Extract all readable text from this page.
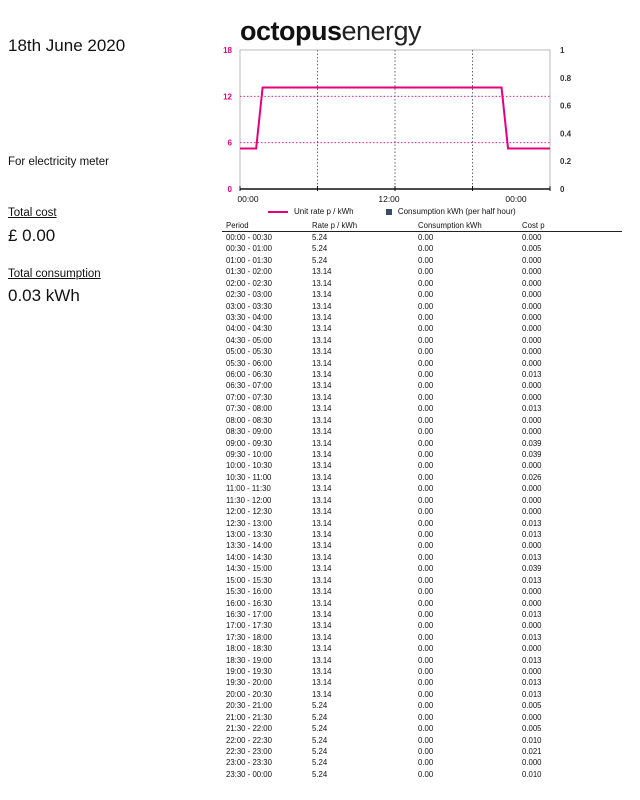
18th June 2020
For electricity meter
Total cost
£ 0.00
Total consumption
0.03 kWh
octopusenergy
18
12
6
0
1
0.8
0.6
0.4
0.2
0
00:00	12:00	00:00
Unit rate p / kWh	Consumption kWh (per half hour)
Period	Rate p / kWh	Consumption kWh	Cost p
00:00 - 00:30	5.24	0.00	0.000
00:30 - 01:00	5.24	0.00	0.005
01:00 - 01:30	5.24	0.00	0.000
01:30 - 02:00	13.14	0.00	0.000
02:00 - 02:30	13.14	0.00	0.000
02:30 - 03:00	13.14	0.00	0.000
03:00 - 03:30	13.14	0.00	0.000
03:30 - 04:00	13.14	0.00	0.000
04:00 - 04:30	13.14	0.00	0.000
04:30 - 05:00	13.14	0.00	0.000
05:00 - 05:30	13.14	0.00	0.000
05:30 - 06:00	13.14	0.00	0.000
06:00 - 06:30	13.14	0.00	0.013
06:30 - 07:00	13.14	0.00	0.000
07:00 - 07:30	13.14	0.00	0.000
07:30 - 08:00	13.14	0.00	0.013
08:00 - 08:30	13.14	0.00	0.000
08:30 - 09:00	13.14	0.00	0.000
09:00 - 09:30	13.14	0.00	0.039
09:30 - 10:00	13.14	0.00	0.039
10:00 - 10:30	13.14	0.00	0.000
10:30 - 11:00	13.14	0.00	0.026
11:00 - 11:30	13.14	0.00	0.000
11:30 - 12:00	13.14	0.00	0.000
12:00 - 12:30	13.14	0.00	0.000
12:30 - 13:00	13.14	0.00	0.013
13:00 - 13:30	13.14	0.00	0.013
13:30 - 14:00	13.14	0.00	0.000
14:00 - 14:30	13.14	0.00	0.013
14:30 - 15:00	13.14	0.00	0.039
15:00 - 15:30	13.14	0.00	0.013
15:30 - 16:00	13.14	0.00	0.000
16:00 - 16:30	13.14	0.00	0.000
16:30 - 17:00	13.14	0.00	0.013
17:00 - 17:30	13.14	0.00	0.000
17:30 - 18:00	13.14	0.00	0.013
18:00 - 18:30	13.14	0.00	0.000
18:30 - 19:00	13.14	0.00	0.013
19:00 - 19:30	13.14	0.00	0.000
19:30 - 20:00	13.14	0.00	0.013
20:00 - 20:30	13.14	0.00	0.013
20:30 - 21:00	5.24	0.00	0.005
21:00 - 21:30	5.24	0.00	0.000
21:30 - 22:00	5.24	0.00	0.005
22:00 - 22:30	5.24	0.00	0.010
22:30 - 23:00	5.24	0.00	0.021
23:00 - 23:30	5.24	0.00	0.000
23:30 - 00:00	5.24	0.00	0.010
